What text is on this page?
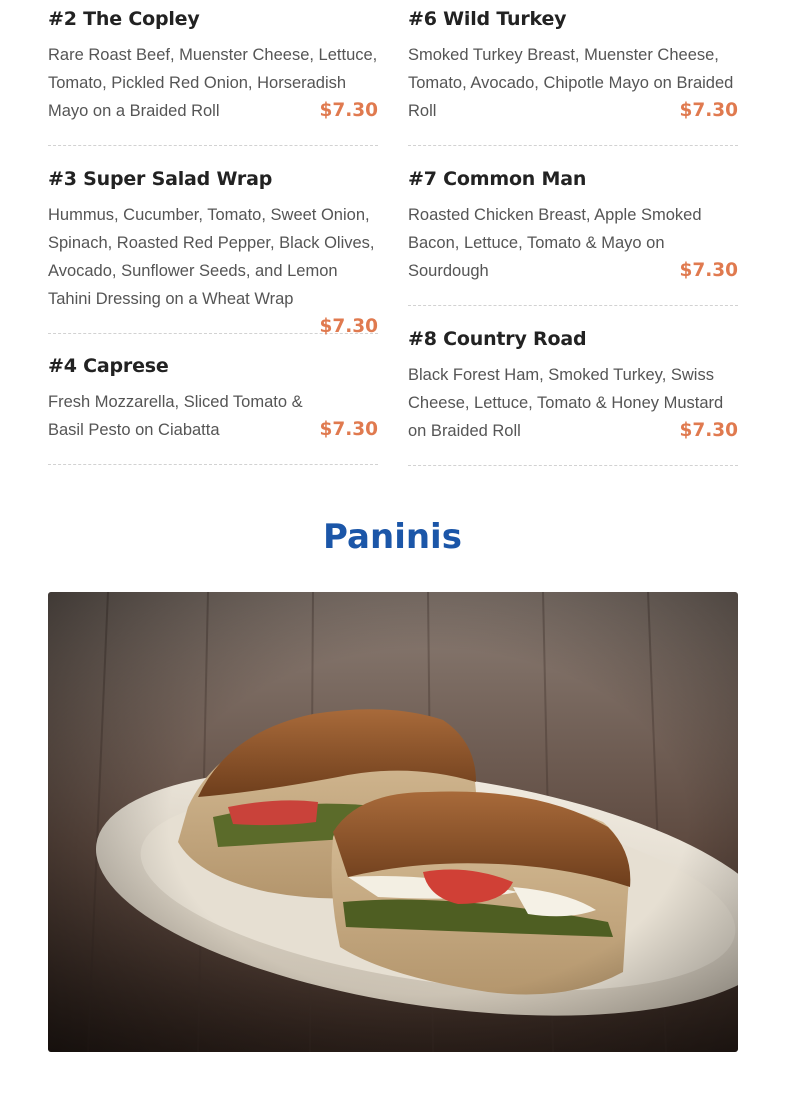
#2 The Copley

Rare Roast Beef, Muenster Cheese, Lettuce, Tomato, Pickled Red Onion, Horseradish Mayo on a Braided Roll	$7.30
#3 Super Salad Wrap

Hummus, Cucumber, Tomato, Sweet Onion, Spinach, Roasted Red Pepper, Black Olives, Avocado, Sunflower Seeds, and Lemon Tahini Dressing on a Wheat Wrap

$7.30
#4 Caprese

Fresh Mozzarella, Sliced Tomato & Basil Pesto on Ciabatta	$7.30
#6 Wild Turkey

Smoked Turkey Breast, Muenster Cheese, Tomato, Avocado, Chipotle Mayo on Braided Roll	$7.30
#7 Common Man

Roasted Chicken Breast, Apple Smoked Bacon, Lettuce, Tomato & Mayo on Sourdough	$7.30
#8 Country Road

Black Forest Ham, Smoked Turkey, Swiss Cheese, Lettuce, Tomato & Honey Mustard on Braided Roll	$7.30
Paninis
